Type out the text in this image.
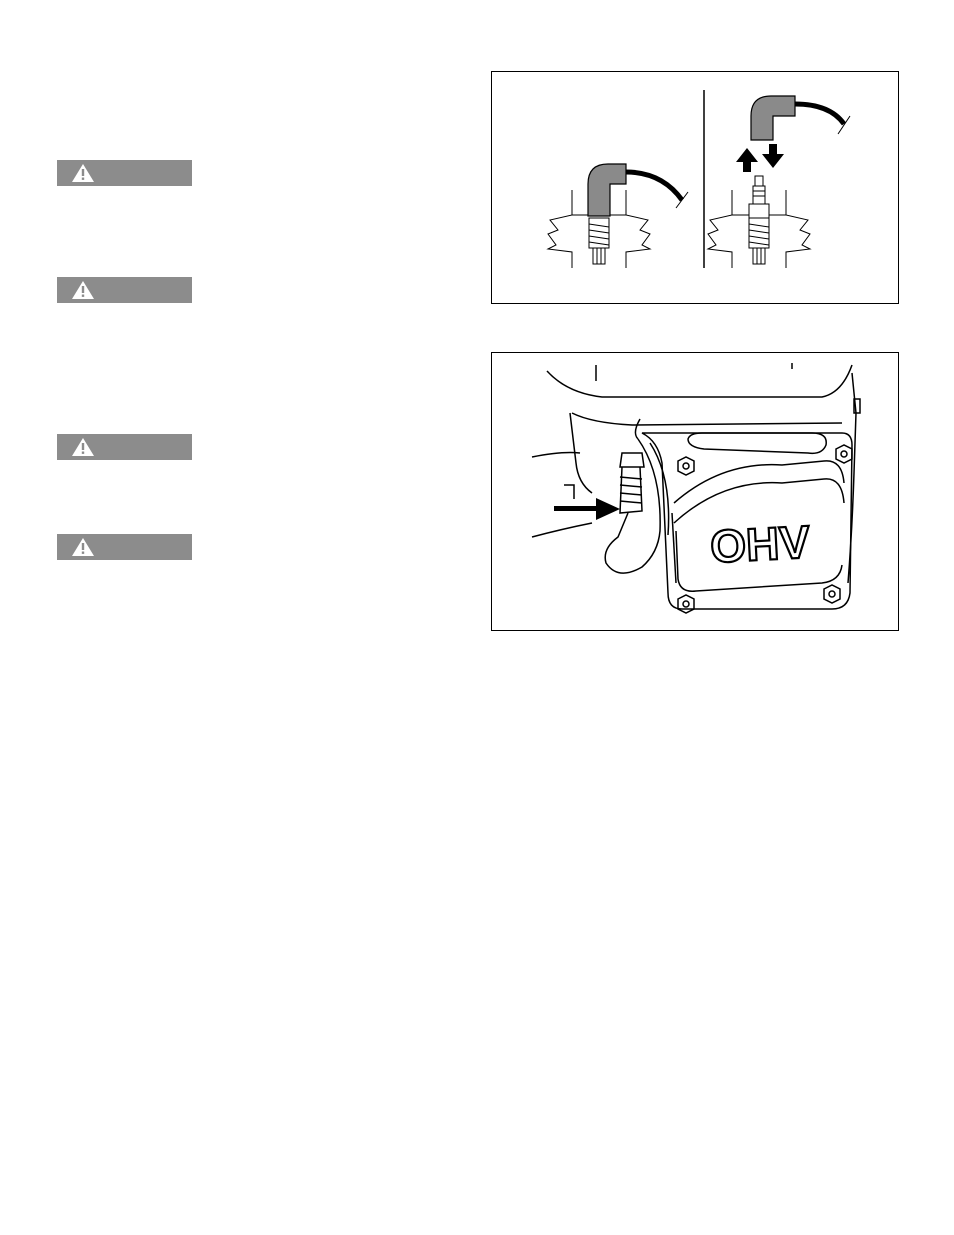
OHV
